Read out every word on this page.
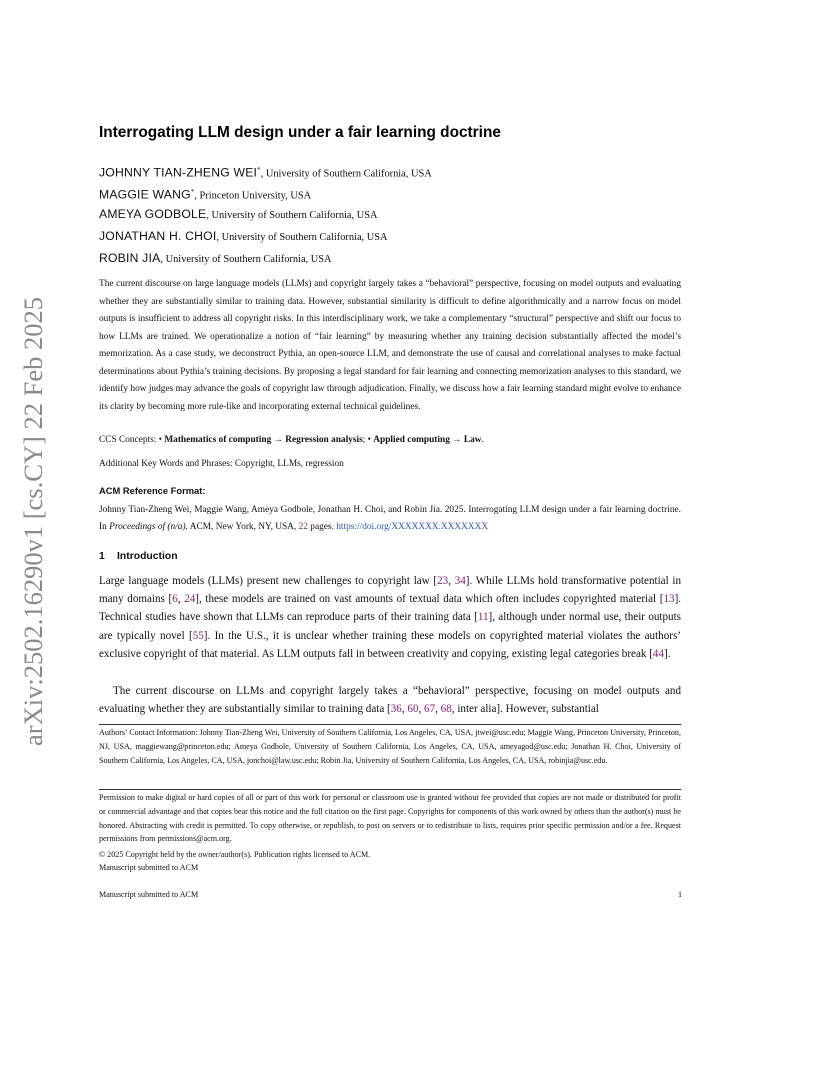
arXiv:2502.16290v1 [cs.CY] 22 Feb 2025
Interrogating LLM design under a fair learning doctrine
JOHNNY TIAN-ZHENG WEI*, University of Southern California, USA
MAGGIE WANG*, Princeton University, USA
AMEYA GODBOLE, University of Southern California, USA
JONATHAN H. CHOI, University of Southern California, USA
ROBIN JIA, University of Southern California, USA

The current discourse on large language models (LLMs) and copyright largely takes a “behavioral” perspective, focusing on model outputs and evaluating whether they are substantially similar to training data. However, substantial similarity is difficult to define algorithmically and a narrow focus on model outputs is insufficient to address all copyright risks. In this interdisciplinary work, we take a complementary “structural” perspective and shift our focus to how LLMs are trained. We operationalize a notion of “fair learning” by measuring whether any training decision substantially affected the model’s memorization. As a case study, we deconstruct Pythia, an open-source LLM, and demonstrate the use of causal and correlational analyses to make factual determinations about Pythia’s training decisions. By proposing a legal standard for fair learning and connecting memorization analyses to this standard, we identify how judges may advance the goals of copyright law through adjudication. Finally, we discuss how a fair learning standard might evolve to enhance its clarity by becoming more rule-like and incorporating external technical guidelines.

CCS Concepts: • Mathematics of computing → Regression analysis; • Applied computing → Law.
Additional Key Words and Phrases: Copyright, LLMs, regression
ACM Reference Format:

Johnny Tian-Zheng Wei, Maggie Wang, Ameya Godbole, Jonathan H. Choi, and Robin Jia. 2025. Interrogating LLM design under a fair learning doctrine. In Proceedings of (n/a). ACM, New York, NY, USA, 22 pages. https://doi.org/XXXXXXX.XXXXXXX

1 Introduction

Large language models (LLMs) present new challenges to copyright law [23, 34]. While LLMs hold transformative potential in many domains [6, 24], these models are trained on vast amounts of textual data which often includes copyrighted material [13]. Technical studies have shown that LLMs can reproduce parts of their training data [11], although under normal use, their outputs are typically novel [55]. In the U.S., it is unclear whether training these models on copyrighted material violates the authors’ exclusive copyright of that material. As LLM outputs fall in between creativity and copying, existing legal categories break [44].

The current discourse on LLMs and copyright largely takes a “behavioral” perspective, focusing on model outputs and evaluating whether they are substantially similar to training data [36, 60, 67, 68, inter alia]. However, substantial

Authors’ Contact Information: Johnny Tian-Zheng Wei, University of Southern California, Los Angeles, CA, USA, jtwei@usc.edu; Maggie Wang, Princeton University, Princeton, NJ, USA, maggiewang@princeton.edu; Ameya Godbole, University of Southern California, Los Angeles, CA, USA, ameyagod@usc.edu; Jonathan H. Choi, University of Southern California, Los Angeles, CA, USA, jonchoi@law.usc.edu; Robin Jia, University of Southern California, Los Angeles, CA, USA, robinjia@usc.edu.

Permission to make digital or hard copies of all or part of this work for personal or classroom use is granted without fee provided that copies are not made or distributed for profit or commercial advantage and that copies bear this notice and the full citation on the first page. Copyrights for components of this work owned by others than the author(s) must be honored. Abstracting with credit is permitted. To copy otherwise, or republish, to post on servers or to redistribute to lists, requires prior specific permission and/or a fee. Request permissions from permissions@acm.org.

© 2025 Copyright held by the owner/author(s). Publication rights licensed to ACM.
Manuscript submitted to ACM
Manuscript submitted to ACM	1
